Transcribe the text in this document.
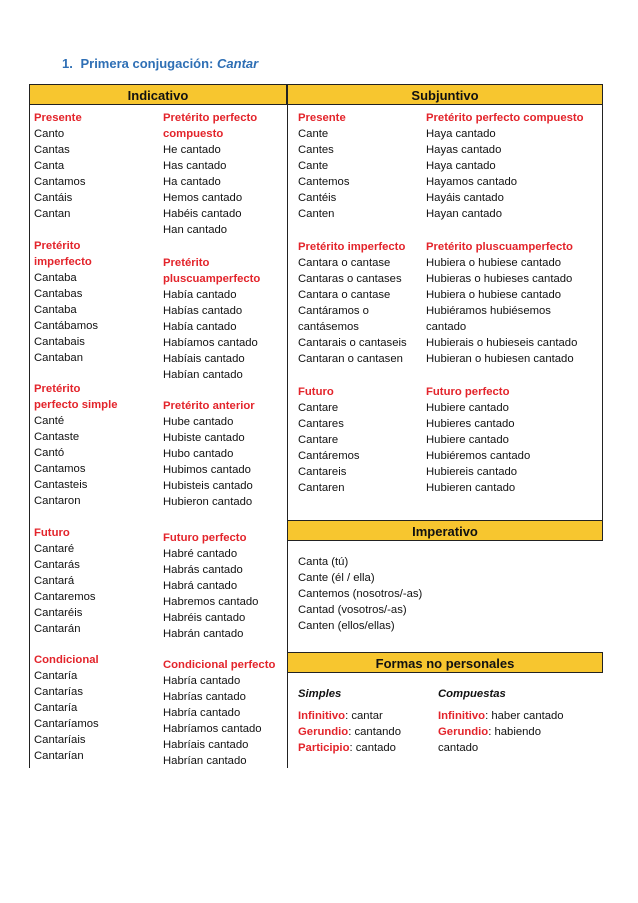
1. Primera conjugación: Cantar
Indicativo	Subjuntivo
Imperativo
Formas no personales
Presente
Canto
Cantas
Canta
Cantamos
Cantáis
Cantan
Pretérito perfecto
compuesto
He cantado
Has cantado
Ha cantado
Hemos cantado
Habéis cantado
Han cantado
Pretérito
imperfecto
Cantaba
Cantabas
Cantaba
Cantábamos
Cantabais
Cantaban
Pretérito
pluscuamperfecto
Había cantado
Habías cantado
Había cantado
Habíamos cantado
Habíais cantado
Habían cantado
Pretérito
perfecto simple
Canté
Cantaste
Cantó
Cantamos
Cantasteis
Cantaron
Pretérito anterior
Hube cantado
Hubiste cantado
Hubo cantado
Hubimos cantado
Hubisteis cantado
Hubieron cantado
Futuro
Cantaré
Cantarás
Cantará
Cantaremos
Cantaréis
Cantarán
Futuro perfecto
Habré cantado
Habrás cantado
Habrá cantado
Habremos cantado
Habréis cantado
Habrán cantado
Condicional
Cantaría
Cantarías
Cantaría
Cantaríamos
Cantaríais
Cantarían
Condicional perfecto
Habría cantado
Habrías cantado
Habría cantado
Habríamos cantado
Habríais cantado
Habrían cantado
Presente
Cante
Cantes
Cante
Cantemos
Cantéis
Canten
Pretérito perfecto compuesto
Haya cantado
Hayas cantado
Haya cantado
Hayamos cantado
Hayáis cantado
Hayan cantado
Pretérito imperfecto
Cantara o cantase
Cantaras o cantases
Cantara o cantase
Cantáramos o
cantásemos
Cantarais o cantaseis
Cantaran o cantasen
Pretérito pluscuamperfecto
Hubiera o hubiese cantado
Hubieras o hubieses cantado
Hubiera o hubiese cantado
Hubiéramos hubiésemos
cantado
Hubierais o hubieseis cantado
Hubieran o hubiesen cantado
Futuro
Cantare
Cantares
Cantare
Cantáremos
Cantareis
Cantaren
Futuro perfecto
Hubiere cantado
Hubieres cantado
Hubiere cantado
Hubiéremos cantado
Hubiereis cantado
Hubieren cantado
Canta (tú)
Cante (él / ella)
Cantemos (nosotros/-as)
Cantad (vosotros/-as)
Canten (ellos/ellas)
Simples
Infinitivo: cantar
Gerundio: cantando
Participio: cantado
Compuestas
Infinitivo: haber cantado
Gerundio: habiendo
cantado
